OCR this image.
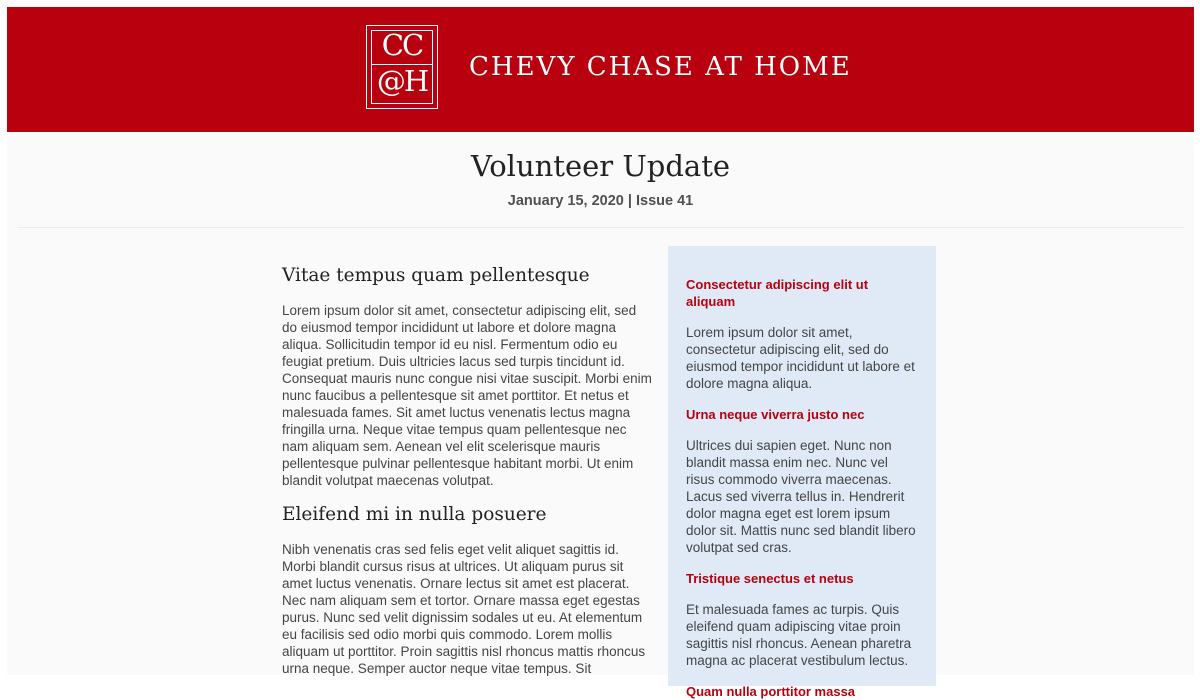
CC
@H	CHEVY CHASE AT HOME
Volunteer Update
January 15, 2020 | Issue 41
Vitae tempus quam pellentesque

Lorem ipsum dolor sit amet, consectetur adipiscing elit, sed do eiusmod tempor incididunt ut labore et dolore magna aliqua. Sollicitudin tempor id eu nisl. Fermentum odio eu feugiat pretium. Duis ultricies lacus sed turpis tincidunt id. Consequat mauris nunc congue nisi vitae suscipit. Morbi enim nunc faucibus a pellentesque sit amet porttitor. Et netus et malesuada fames. Sit amet luctus venenatis lectus magna fringilla urna. Neque vitae tempus quam pellentesque nec nam aliquam sem. Aenean vel elit scelerisque mauris pellentesque pulvinar pellentesque habitant morbi. Ut enim blandit volutpat maecenas volutpat.

Eleifend mi in nulla posuere

Nibh venenatis cras sed felis eget velit aliquet sagittis id. Morbi blandit cursus risus at ultrices. Ut aliquam purus sit amet luctus venenatis. Ornare lectus sit amet est placerat. Nec nam aliquam sem et tortor. Ornare massa eget egestas purus. Nunc sed velit dignissim sodales ut eu. At elementum eu facilisis sed odio morbi quis commodo. Lorem mollis aliquam ut porttitor. Proin sagittis nisl rhoncus mattis rhoncus urna neque. Semper auctor neque vitae tempus. Sit

Consectetur adipiscing elit ut aliquam

Lorem ipsum dolor sit amet, consectetur adipiscing elit, sed do eiusmod tempor incididunt ut labore et dolore magna aliqua.

Urna neque viverra justo nec

Ultrices dui sapien eget. Nunc non blandit massa enim nec. Nunc vel risus commodo viverra maecenas. Lacus sed viverra tellus in. Hendrerit dolor magna eget est lorem ipsum dolor sit. Mattis nunc sed blandit libero volutpat sed cras.

Tristique senectus et netus

Et malesuada fames ac turpis. Quis eleifend quam adipiscing vitae proin sagittis nisl rhoncus. Aenean pharetra magna ac placerat vestibulum lectus.

Quam nulla porttitor massa
